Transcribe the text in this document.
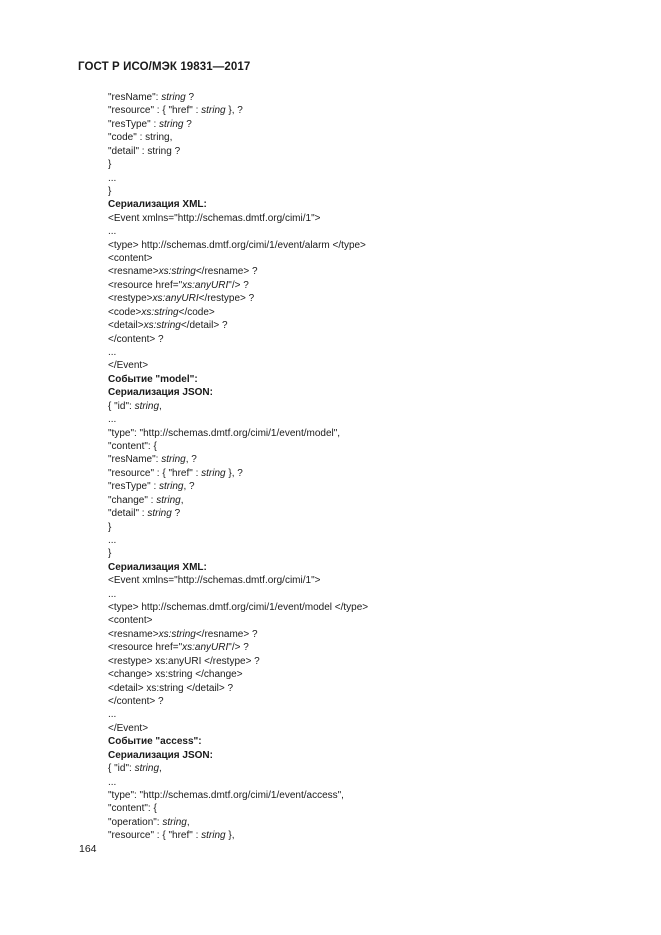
ГОСТ Р ИСО/МЭК 19831—2017
"resName": string ?
"resource" : { "href" : string }, ?
"resType" : string ?
"code" : string,
"detail" : string ?
}
...
}
Сериализация XML:
<Event xmlns="http://schemas.dmtf.org/cimi/1">
...
<type> http://schemas.dmtf.org/cimi/1/event/alarm </type>
<content>
<resname>xs:string</resname> ?
<resource href="xs:anyURI"/> ?
<restype>xs:anyURI</restype> ?
<code>xs:string</code>
<detail>xs:string</detail> ?
</content> ?
...
</Event>
Событие "model":
Сериализация JSON:
{ "id": string,
...
"type": "http://schemas.dmtf.org/cimi/1/event/model",
"content": {
"resName": string, ?
"resource" : { "href" : string }, ?
"resType" : string, ?
"change" : string,
"detail" : string ?
}
...
}
Сериализация XML:
<Event xmlns="http://schemas.dmtf.org/cimi/1">
...
<type> http://schemas.dmtf.org/cimi/1/event/model </type>
<content>
<resname>xs:string</resname> ?
<resource href="xs:anyURI"/> ?
<restype> xs:anyURI </restype> ?
<change> xs:string </change>
<detail> xs:string </detail> ?
</content> ?
...
</Event>
Событие "access":
Сериализация JSON:
{ "id": string,
...
"type": "http://schemas.dmtf.org/cimi/1/event/access",
"content": {
"operation": string,
"resource" : { "href" : string },
164
